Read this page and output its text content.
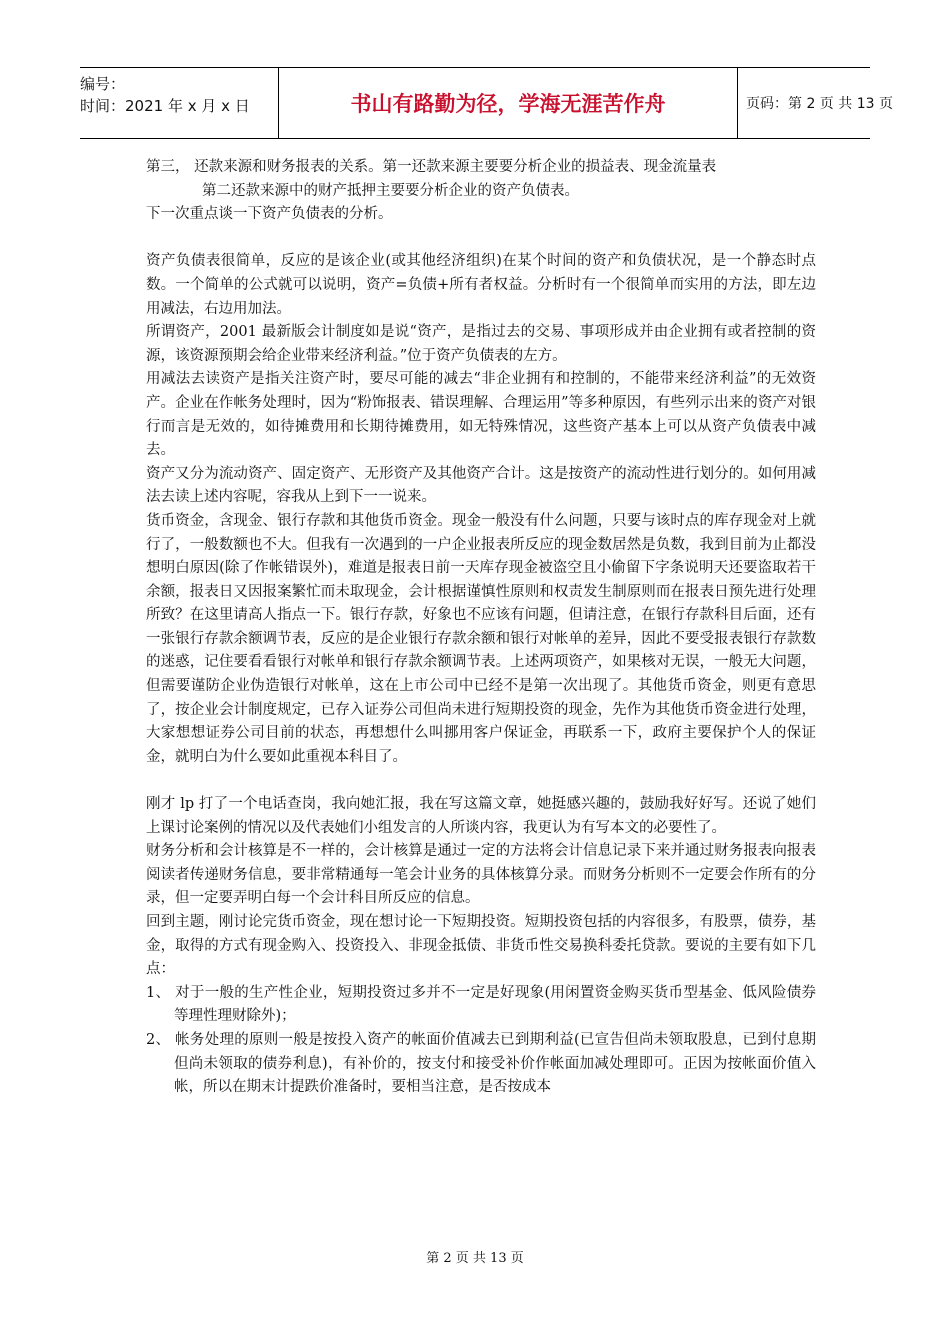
编号：
时间：2021 年 x 月 x 日	书山有路勤为径，学海无涯苦作舟	页码：第 2 页 共 13 页

第三， 还款来源和财务报表的关系。第一还款来源主要要分析企业的损益表、现金流量表

第二还款来源中的财产抵押主要要分析企业的资产负债表。

下一次重点谈一下资产负债表的分析。

资产负债表很简单，反应的是该企业(或其他经济组织)在某个时间的资产和负债状况，是一个静态时点数。一个简单的公式就可以说明，资产=负债+所有者权益。分析时有一个很简单而实用的方法，即左边用减法，右边用加法。

所谓资产，2001 最新版会计制度如是说“资产，是指过去的交易、事项形成并由企业拥有或者控制的资源，该资源预期会给企业带来经济利益。”位于资产负债表的左方。

用减法去读资产是指关注资产时，要尽可能的减去“非企业拥有和控制的，不能带来经济利益”的无效资产。企业在作帐务处理时，因为“粉饰报表、错误理解、合理运用”等多种原因，有些列示出来的资产对银行而言是无效的，如待摊费用和长期待摊费用，如无特殊情况，这些资产基本上可以从资产负债表中减去。

资产又分为流动资产、固定资产、无形资产及其他资产合计。这是按资产的流动性进行划分的。如何用减法去读上述内容呢，容我从上到下一一说来。

货币资金，含现金、银行存款和其他货币资金。现金一般没有什么问题，只要与该时点的库存现金对上就行了，一般数额也不大。但我有一次遇到的一户企业报表所反应的现金数居然是负数，我到目前为止都没想明白原因(除了作帐错误外)，难道是报表日前一天库存现金被盗空且小偷留下字条说明天还要盗取若干余额，报表日又因报案繁忙而未取现金，会计根据谨慎性原则和权责发生制原则而在报表日预先进行处理所致？在这里请高人指点一下。银行存款，好象也不应该有问题，但请注意，在银行存款科目后面，还有一张银行存款余额调节表，反应的是企业银行存款余额和银行对帐单的差异，因此不要受报表银行存款数的迷惑，记住要看看银行对帐单和银行存款余额调节表。上述两项资产，如果核对无误，一般无大问题，但需要谨防企业伪造银行对帐单，这在上市公司中已经不是第一次出现了。其他货币资金，则更有意思了，按企业会计制度规定，已存入证券公司但尚未进行短期投资的现金，先作为其他货币资金进行处理，大家想想证券公司目前的状态，再想想什么叫挪用客户保证金，再联系一下，政府主要保护个人的保证金，就明白为什么要如此重视本科目了。

刚才 lp 打了一个电话查岗，我向她汇报，我在写这篇文章，她挺感兴趣的，鼓励我好好写。还说了她们上课讨论案例的情况以及代表她们小组发言的人所谈内容，我更认为有写本文的必要性了。

财务分析和会计核算是不一样的，会计核算是通过一定的方法将会计信息记录下来并通过财务报表向报表阅读者传递财务信息，要非常精通每一笔会计业务的具体核算分录。而财务分析则不一定要会作所有的分录，但一定要弄明白每一个会计科目所反应的信息。

回到主题，刚讨论完货币资金，现在想讨论一下短期投资。短期投资包括的内容很多，有股票，债券，基金，取得的方式有现金购入、投资投入、非现金抵债、非货币性交易换科委托贷款。要说的主要有如下几点：

1、 对于一般的生产性企业，短期投资过多并不一定是好现象(用闲置资金购买货币型基金、低风险债券等理性理财除外)；

2、 帐务处理的原则一般是按投入资产的帐面价值减去已到期利益(已宣告但尚未领取股息，已到付息期但尚未领取的债券利息)，有补价的，按支付和接受补价作帐面加减处理即可。正因为按帐面价值入帐，所以在期末计提跌价准备时，要相当注意，是否按成本

第 2 页 共 13 页
